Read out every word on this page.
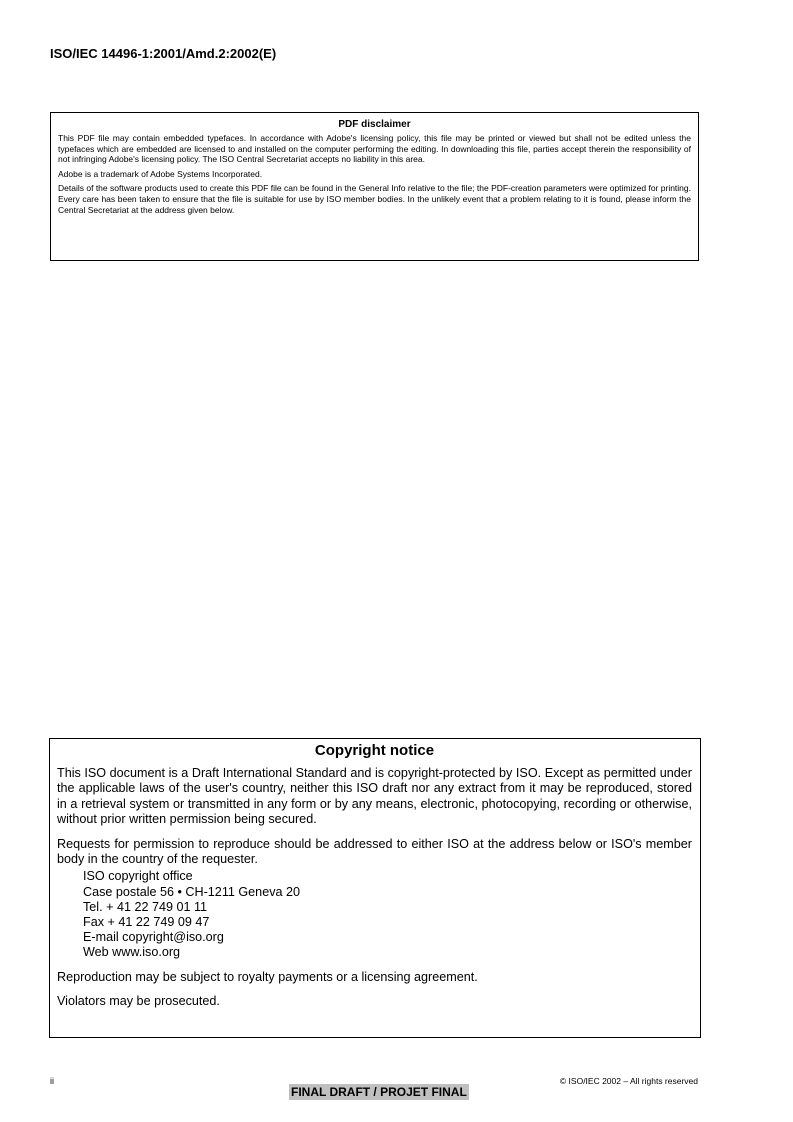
ISO/IEC 14496-1:2001/Amd.2:2002(E)
PDF disclaimer

This PDF file may contain embedded typefaces. In accordance with Adobe's licensing policy, this file may be printed or viewed but shall not be edited unless the typefaces which are embedded are licensed to and installed on the computer performing the editing. In downloading this file, parties accept therein the responsibility of not infringing Adobe's licensing policy. The ISO Central Secretariat accepts no liability in this area.

Adobe is a trademark of Adobe Systems Incorporated.

Details of the software products used to create this PDF file can be found in the General Info relative to the file; the PDF-creation parameters were optimized for printing. Every care has been taken to ensure that the file is suitable for use by ISO member bodies. In the unlikely event that a problem relating to it is found, please inform the Central Secretariat at the address given below.

Copyright notice

This ISO document is a Draft International Standard and is copyright-protected by ISO. Except as permitted under the applicable laws of the user's country, neither this ISO draft nor any extract from it may be reproduced, stored in a retrieval system or transmitted in any form or by any means, electronic, photocopying, recording or otherwise, without prior written permission being secured.

Requests for permission to reproduce should be addressed to either ISO at the address below or ISO's member body in the country of the requester.

ISO copyright office
Case postale 56 • CH-1211 Geneva 20
Tel. + 41 22 749 01 11
Fax + 41 22 749 09 47
E-mail copyright@iso.org
Web www.iso.org

Reproduction may be subject to royalty payments or a licensing agreement.

Violators may be prosecuted.

ii	© ISO/IEC 2002 – All rights reserved
FINAL DRAFT / PROJET FINAL
